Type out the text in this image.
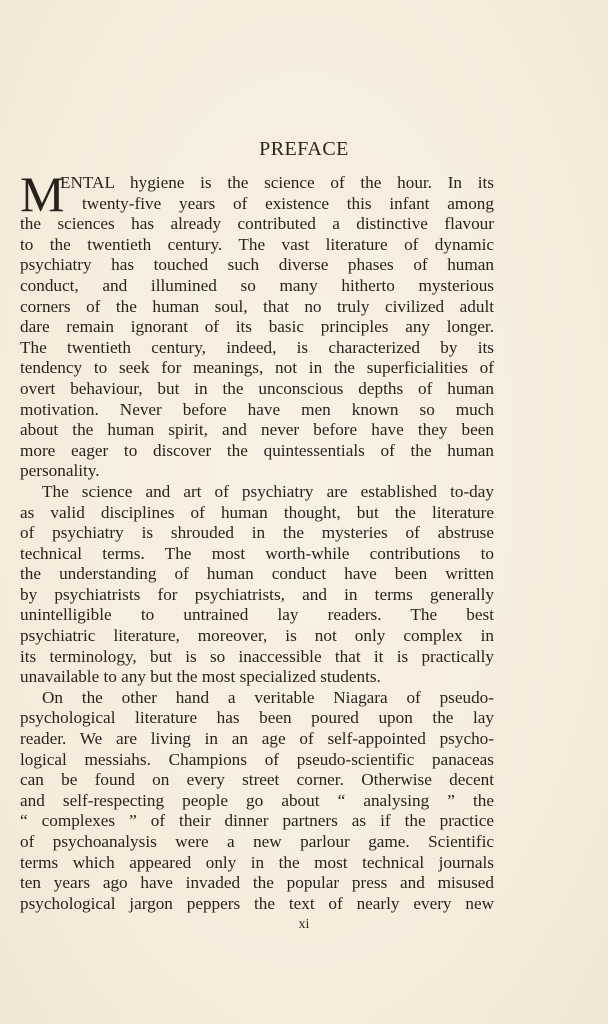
PREFACE
M
ENTAL hygiene is the science of the hour. In its
twenty-five years of existence this infant among
the sciences has already contributed a distinctive flavour
to the twentieth century. The vast literature of dynamic
psychiatry has touched such diverse phases of human
conduct, and illumined so many hitherto mysterious
corners of the human soul, that no truly civilized adult
dare remain ignorant of its basic principles any longer.
The twentieth century, indeed, is characterized by its
tendency to seek for meanings, not in the superficialities of
overt behaviour, but in the unconscious depths of human
motivation. Never before have men known so much
about the human spirit, and never before have they been
more eager to discover the quintessentials of the human
personality.
The science and art of psychiatry are established to-day
as valid disciplines of human thought, but the literature
of psychiatry is shrouded in the mysteries of abstruse
technical terms. The most worth-while contributions to
the understanding of human conduct have been written
by psychiatrists for psychiatrists, and in terms generally
unintelligible to untrained lay readers. The best
psychiatric literature, moreover, is not only complex in
its terminology, but is so inaccessible that it is practically
unavailable to any but the most specialized students.
On the other hand a veritable Niagara of pseudo-
psychological literature has been poured upon the lay
reader. We are living in an age of self-appointed psycho-
logical messiahs. Champions of pseudo-scientific panaceas
can be found on every street corner. Otherwise decent
and self-respecting people go about “ analysing ” the
“ complexes ” of their dinner partners as if the practice
of psychoanalysis were a new parlour game. Scientific
terms which appeared only in the most technical journals
ten years ago have invaded the popular press and misused
psychological jargon peppers the text of nearly every new
xi
